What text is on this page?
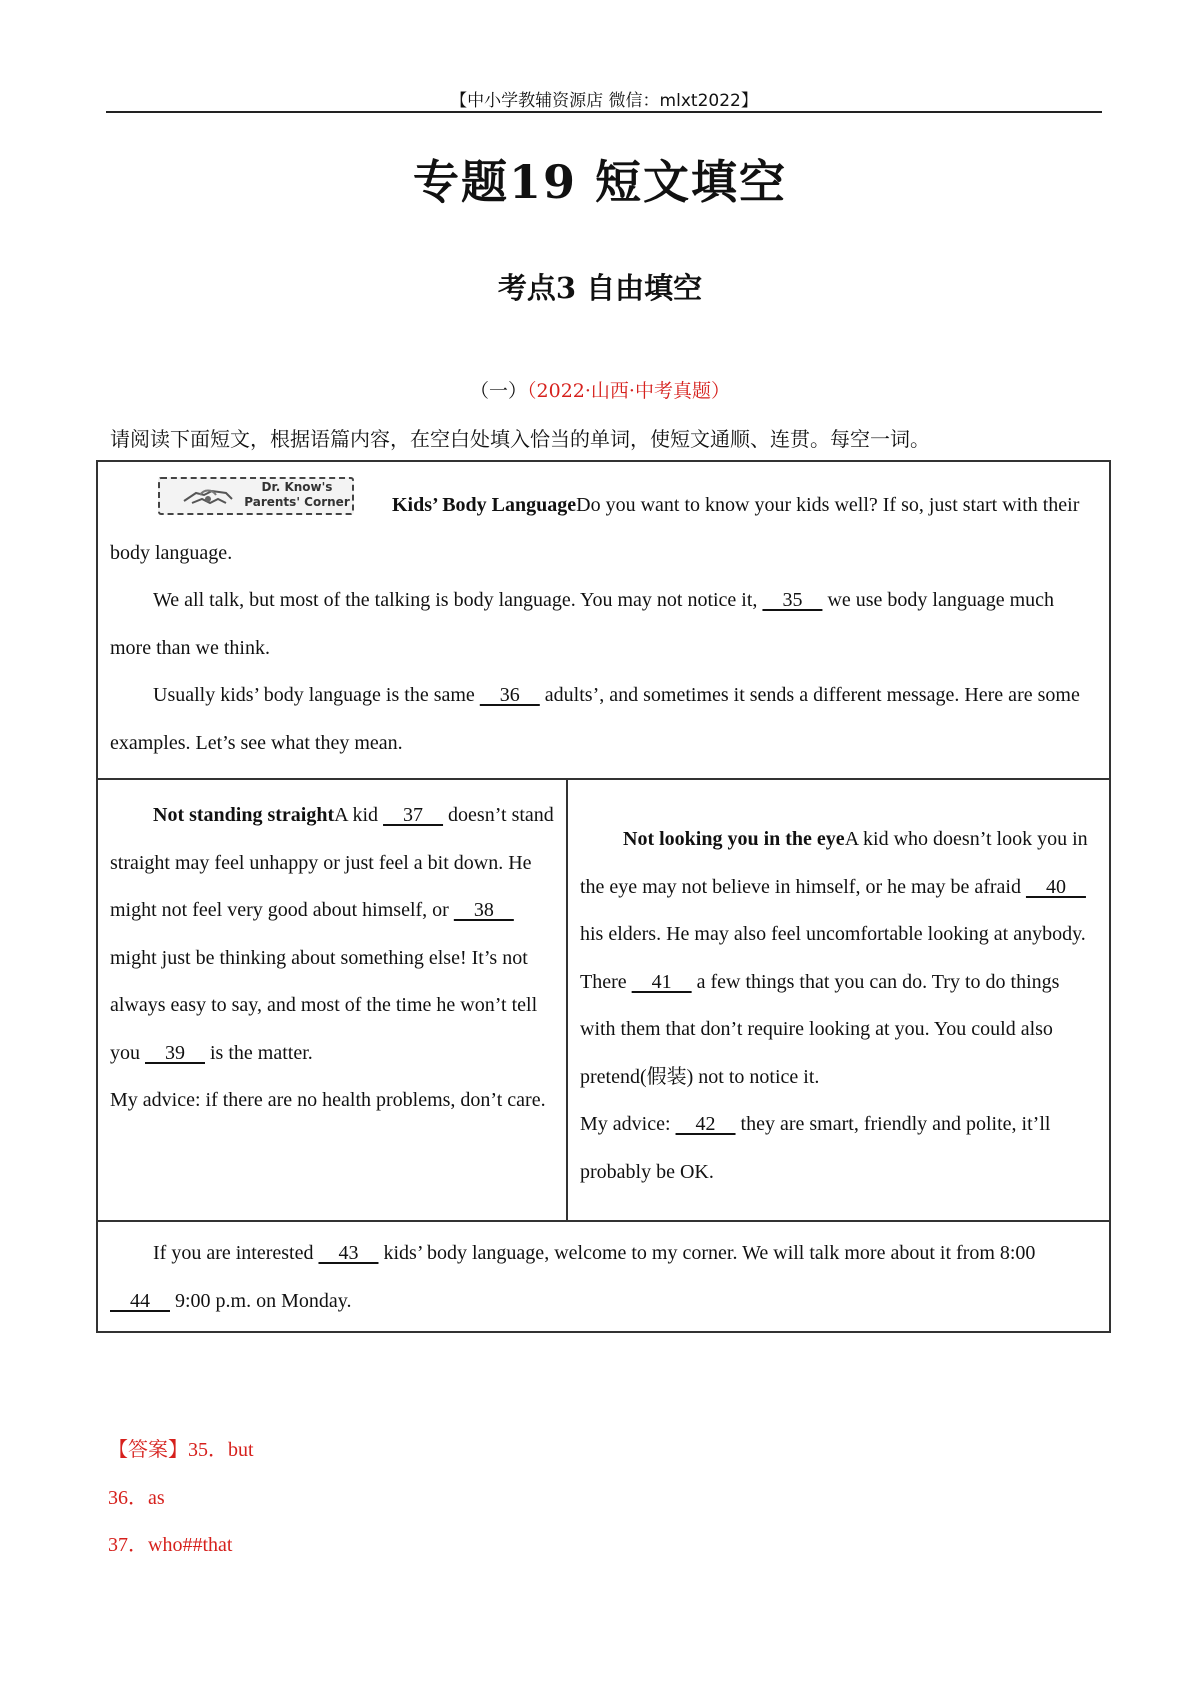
【中小学教辅资源店 微信：mlxt2022】
专题19 短文填空
考点3 自由填空
（一）（2022·山西·中考真题）
请阅读下面短文，根据语篇内容，在空白处填入恰当的单词，使短文通顺、连贯。每空一词。

Dr. Know's
Parents' Corner Kids’ Body LanguageDo you want to know your kids well? If so, just start with their body language.

We all talk, but most of the talking is body language. You may not notice it,     35     we use body language much more than we think.

Usually kids’ body language is the same     36     adults’, and sometimes it sends a different message. Here are some examples. Let’s see what they mean.

Not standing straightA kid     37     doesn’t stand straight may feel unhappy or just feel a bit down. He might not feel very good about himself, or     38     might just be thinking about something else! It’s not always easy to say, and most of the time he won’t tell you     39     is the matter.

My advice: if there are no health problems, don’t care.

Not looking you in the eyeA kid who doesn’t look you in the eye may not believe in himself, or he may be afraid     40     his elders. He may also feel uncomfortable looking at anybody. There     41     a few things that you can do. Try to do things with them that don’t require looking at you. You could also pretend(假装) not to notice it.

My advice:     42     they are smart, friendly and polite, it’ll probably be OK.

If you are interested     43     kids’ body language, welcome to my corner. We will talk more about it from 8:00     44     9:00 p.m. on Monday.

【答案】35．but

36．as

37．who##that
